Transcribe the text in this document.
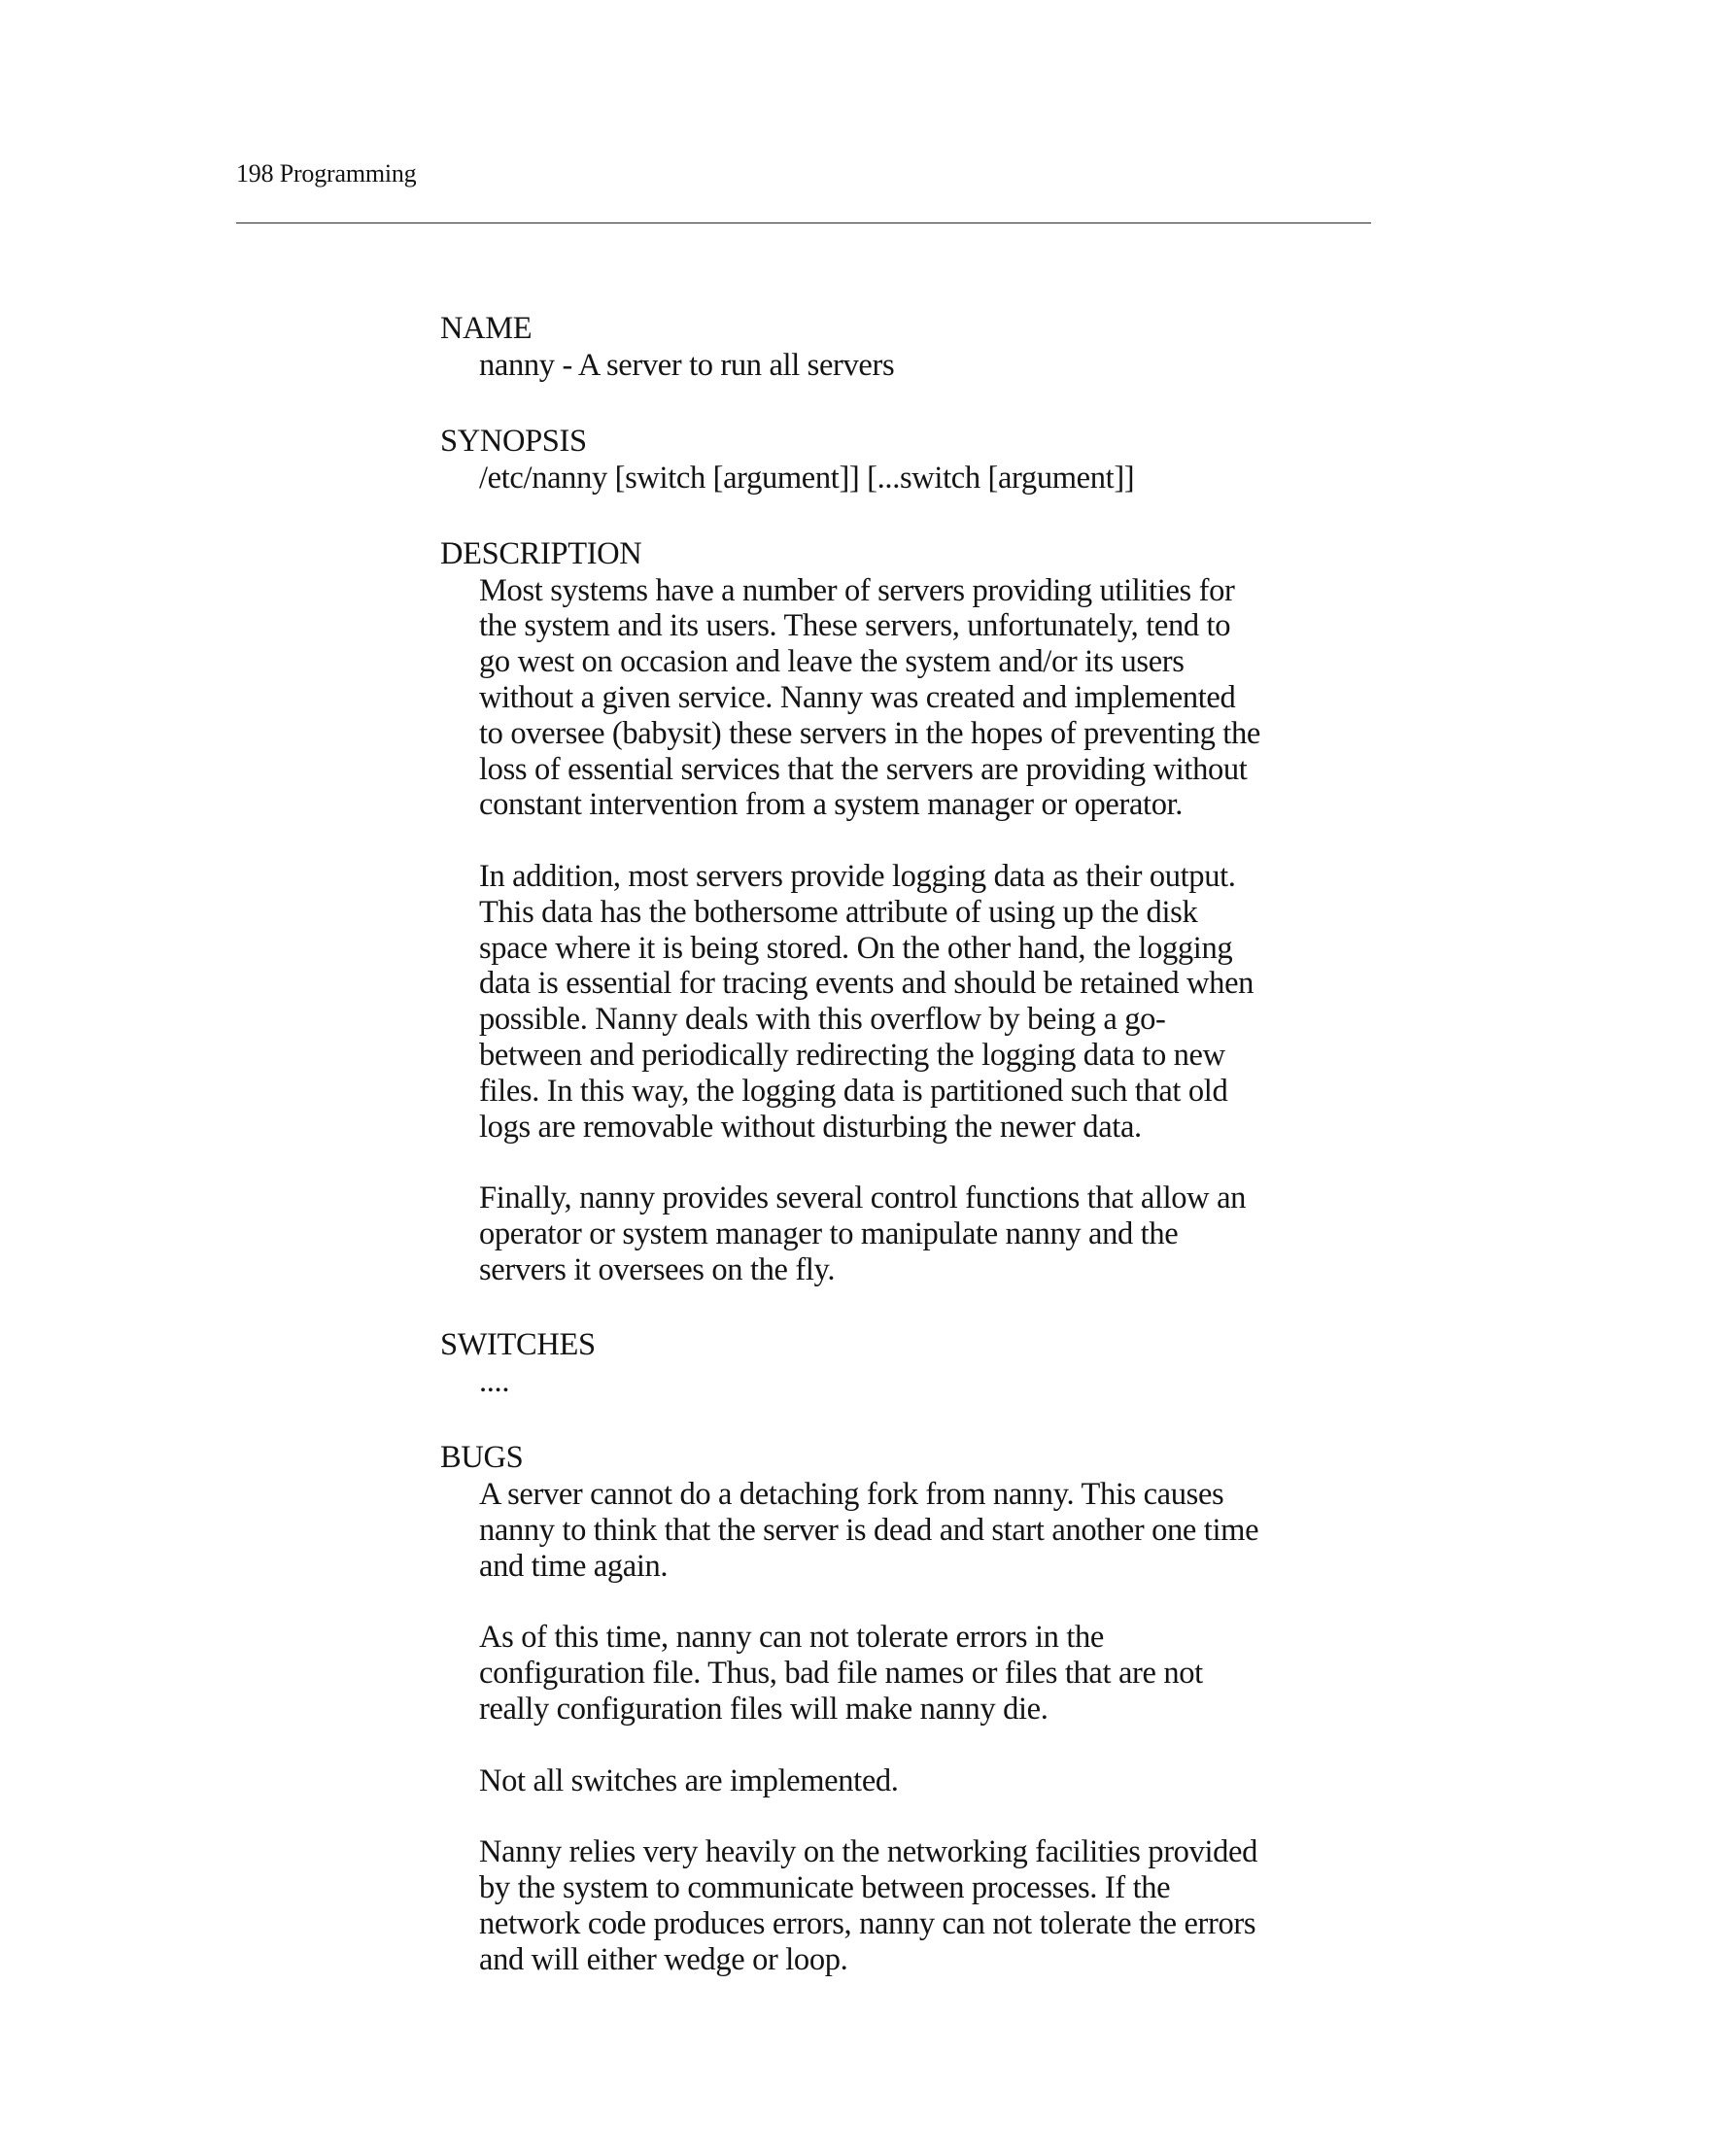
198 Programming
NAME
nanny - A server to run all servers
SYNOPSIS
/etc/nanny [switch [argument]] [...switch [argument]]
DESCRIPTION
Most systems have a number of servers providing utilities for
the system and its users. These servers, unfortunately, tend to
go west on occasion and leave the system and/or its users
without a given service. Nanny was created and implemented
to oversee (babysit) these servers in the hopes of preventing the
loss of essential services that the servers are providing without
constant intervention from a system manager or operator.
In addition, most servers provide logging data as their output.
This data has the bothersome attribute of using up the disk
space where it is being stored. On the other hand, the logging
data is essential for tracing events and should be retained when
possible. Nanny deals with this overflow by being a go-
between and periodically redirecting the logging data to new
files. In this way, the logging data is partitioned such that old
logs are removable without disturbing the newer data.
Finally, nanny provides several control functions that allow an
operator or system manager to manipulate nanny and the
servers it oversees on the fly.
SWITCHES
....
BUGS
A server cannot do a detaching fork from nanny. This causes
nanny to think that the server is dead and start another one time
and time again.
As of this time, nanny can not tolerate errors in the
configuration file. Thus, bad file names or files that are not
really configuration files will make nanny die.
Not all switches are implemented.
Nanny relies very heavily on the networking facilities provided
by the system to communicate between processes. If the
network code produces errors, nanny can not tolerate the errors
and will either wedge or loop.
